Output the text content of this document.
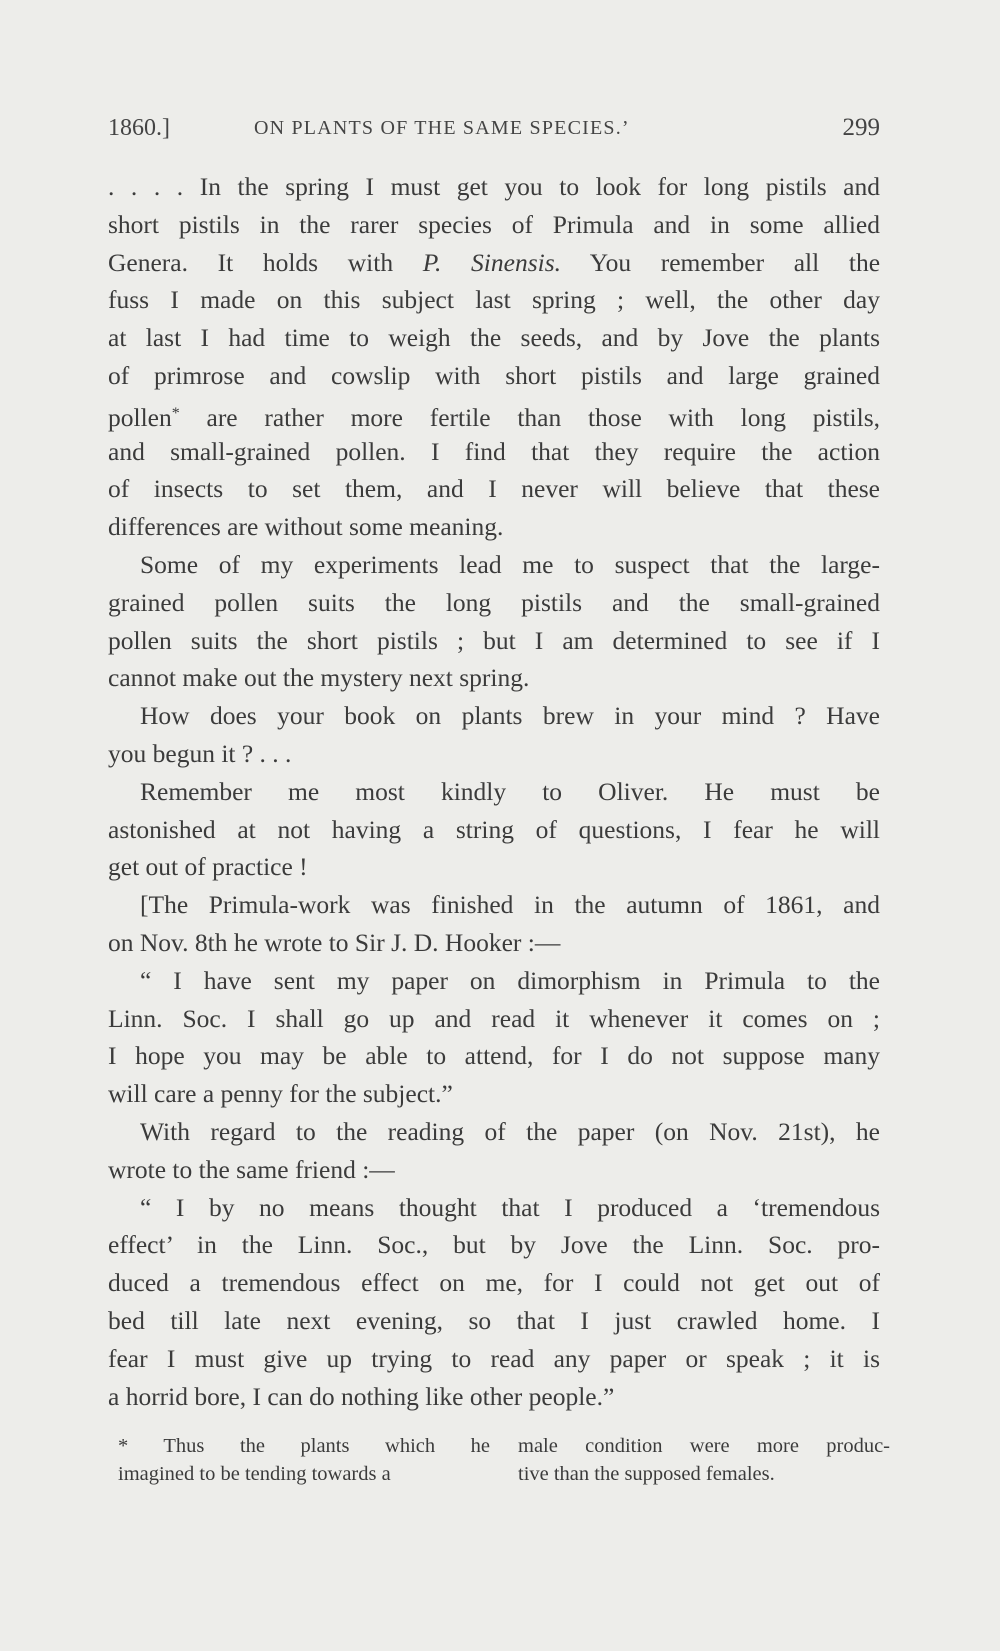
1860.]	ON PLANTS OF THE SAME SPECIES.’	299
. . . . In the spring I must get you to look for long pistils and
short pistils in the rarer species of Primula and in some allied
Genera. It holds with P. Sinensis. You remember all the
fuss I made on this subject last spring ; well, the other day
at last I had time to weigh the seeds, and by Jove the plants
of primrose and cowslip with short pistils and large grained
pollen* are rather more fertile than those with long pistils,
and small-grained pollen. I find that they require the action
of insects to set them, and I never will believe that these
differences are without some meaning.
Some of my experiments lead me to suspect that the large-
grained pollen suits the long pistils and the small-grained
pollen suits the short pistils ; but I am determined to see if I
cannot make out the mystery next spring.
How does your book on plants brew in your mind ? Have
you begun it ? . . .
Remember me most kindly to Oliver. He must be
astonished at not having a string of questions, I fear he will
get out of practice !
[The Primula-work was finished in the autumn of 1861, and
on Nov. 8th he wrote to Sir J. D. Hooker :—
“ I have sent my paper on dimorphism in Primula to the
Linn. Soc. I shall go up and read it whenever it comes on ;
I hope you may be able to attend, for I do not suppose many
will care a penny for the subject.”
With regard to the reading of the paper (on Nov. 21st), he
wrote to the same friend :—
“ I by no means thought that I produced a ‘tremendous
effect’ in the Linn. Soc., but by Jove the Linn. Soc. pro-
duced a tremendous effect on me, for I could not get out of
bed till late next evening, so that I just crawled home. I
fear I must give up trying to read any paper or speak ; it is
a horrid bore, I can do nothing like other people.”
* Thus the plants which he
imagined to be tending towards a
male condition were more produc-
tive than the supposed females.
